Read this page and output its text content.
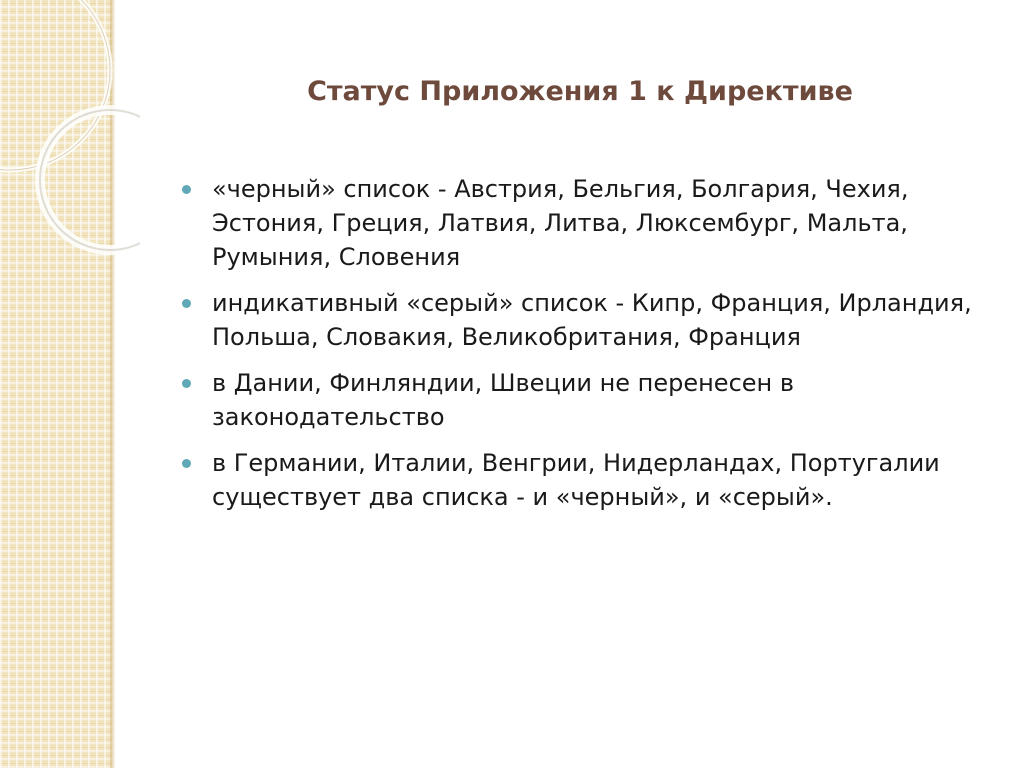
Статус Приложения 1 к Директиве
«черный» список - Австрия, Бельгия, Болгария, Чехия, Эстония, Греция, Латвия, Литва, Люксембург, Мальта, Румыния, Словения
индикативный «серый» список - Кипр, Франция, Ирландия, Польша, Словакия, Великобритания, Франция
в Дании, Финляндии, Швеции не перенесен в законодательство
в Германии, Италии, Венгрии, Нидерландах, Португалии существует два списка - и «черный», и «серый».
